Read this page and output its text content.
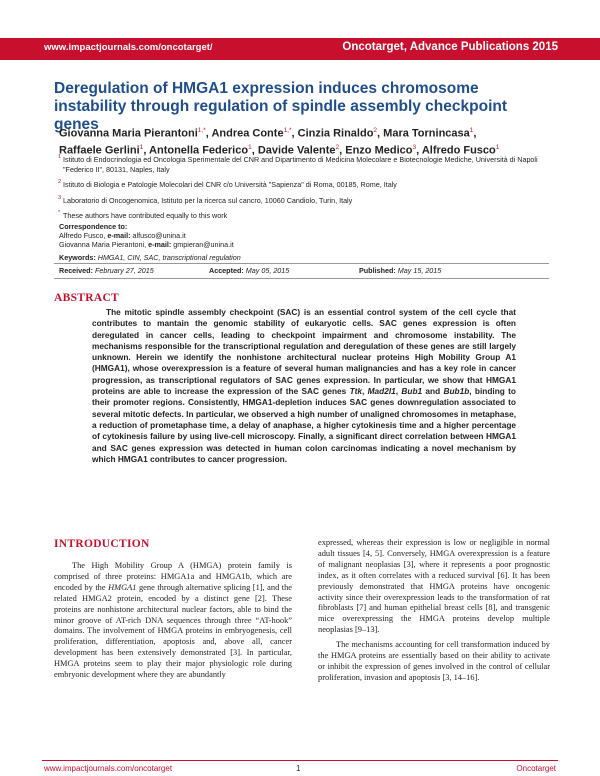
www.impactjournals.com/oncotarget/	Oncotarget, Advance Publications 2015
Deregulation of HMGA1 expression induces chromosome instability through regulation of spindle assembly checkpoint genes
Giovanna Maria Pierantoni$^{1,*}$, Andrea Conte$^{1,*}$, Cinzia Rinaldo$^2$, Mara Tornincasa$^1$,
Raffaele Gerlini$^1$, Antonella Federico$^1$, Davide Valente$^2$, Enzo Medico$^3$, Alfredo Fusco$^1$
1 Istituto di Endocrinologia ed Oncologia Sperimentale del CNR and Dipartimento di Medicina Molecolare e Biotecnologie Mediche, Università di Napoli "Federico II", 80131, Naples, Italy
2 Istituto di Biologia e Patologie Molecolari del CNR c/o Università "Sapienza" di Roma, 00185, Rome, Italy
3 Laboratorio di Oncogenomica, Istituto per la ricerca sul cancro, 10060 Candiolo, Turin, Italy
* These authors have contributed equally to this work
Correspondence to:
Alfredo Fusco, e-mail: alfusco@unina.it
Giovanna Maria Pierantoni, e-mail: gmpieran@unina.it
Keywords: HMGA1, CIN, SAC, transcriptional regulation
Received: February 27, 2015	Accepted: May 05, 2015	Published: May 15, 2015
ABSTRACT
The mitotic spindle assembly checkpoint (SAC) is an essential control system of the cell cycle that contributes to mantain the genomic stability of eukaryotic cells. SAC genes expression is often deregulated in cancer cells, leading to checkpoint impairment and chromosome instability. The mechanisms responsible for the transcriptional regulation and deregulation of these genes are still largely unknown. Herein we identify the nonhistone architectural nuclear proteins High Mobility Group A1 (HMGA1), whose overexpression is a feature of several human malignancies and has a key role in cancer progression, as transcriptional regulators of SAC genes expression. In particular, we show that HMGA1 proteins are able to increase the expression of the SAC genes Ttk, Mad2l1, Bub1 and Bub1b, binding to their promoter regions. Consistently, HMGA1-depletion induces SAC genes downregulation associated to several mitotic defects. In particular, we observed a high number of unaligned chromosomes in metaphase, a reduction of prometaphase time, a delay of anaphase, a higher cytokinesis time and a higher percentage of cytokinesis failure by using live-cell microscopy. Finally, a significant direct correlation between HMGA1 and SAC genes expression was detected in human colon carcinomas indicating a novel mechanism by which HMGA1 contributes to cancer progression.
INTRODUCTION

The High Mobility Group A (HMGA) protein family is comprised of three proteins: HMGA1a and HMGA1b, which are encoded by the HMGA1 gene through alternative splicing [1], and the related HMGA2 protein, encoded by a distinct gene [2]. These proteins are nonhistone architectural nuclear factors, able to bind the minor groove of AT-rich DNA sequences through three “AT-hook” domains. The involvement of HMGA proteins in embryogenesis, cell proliferation, differentiation, apoptosis and, above all, cancer development has been extensively demonstrated [3]. In particular, HMGA proteins seem to play their major physiologic role during embryonic development where they are abundantly

expressed, whereas their expression is low or negligible in normal adult tissues [4, 5]. Conversely, HMGA overexpression is a feature of malignant neoplasias [3], where it represents a poor prognostic index, as it often correlates with a reduced survival [6]. It has been previously demonstrated that HMGA proteins have oncogenic activity since their overexpression leads to the transformation of rat fibroblasts [7] and human epithelial breast cells [8], and transgenic mice overexpressing the HMGA proteins develop multiple neoplasias [9–13].

The mechanisms accounting for cell transformation induced by the HMGA proteins are essentially based on their ability to activate or inhibit the expression of genes involved in the control of cellular proliferation, invasion and apoptosis [3, 14–16].

www.impactjournals.com/oncotarget	1	Oncotarget
